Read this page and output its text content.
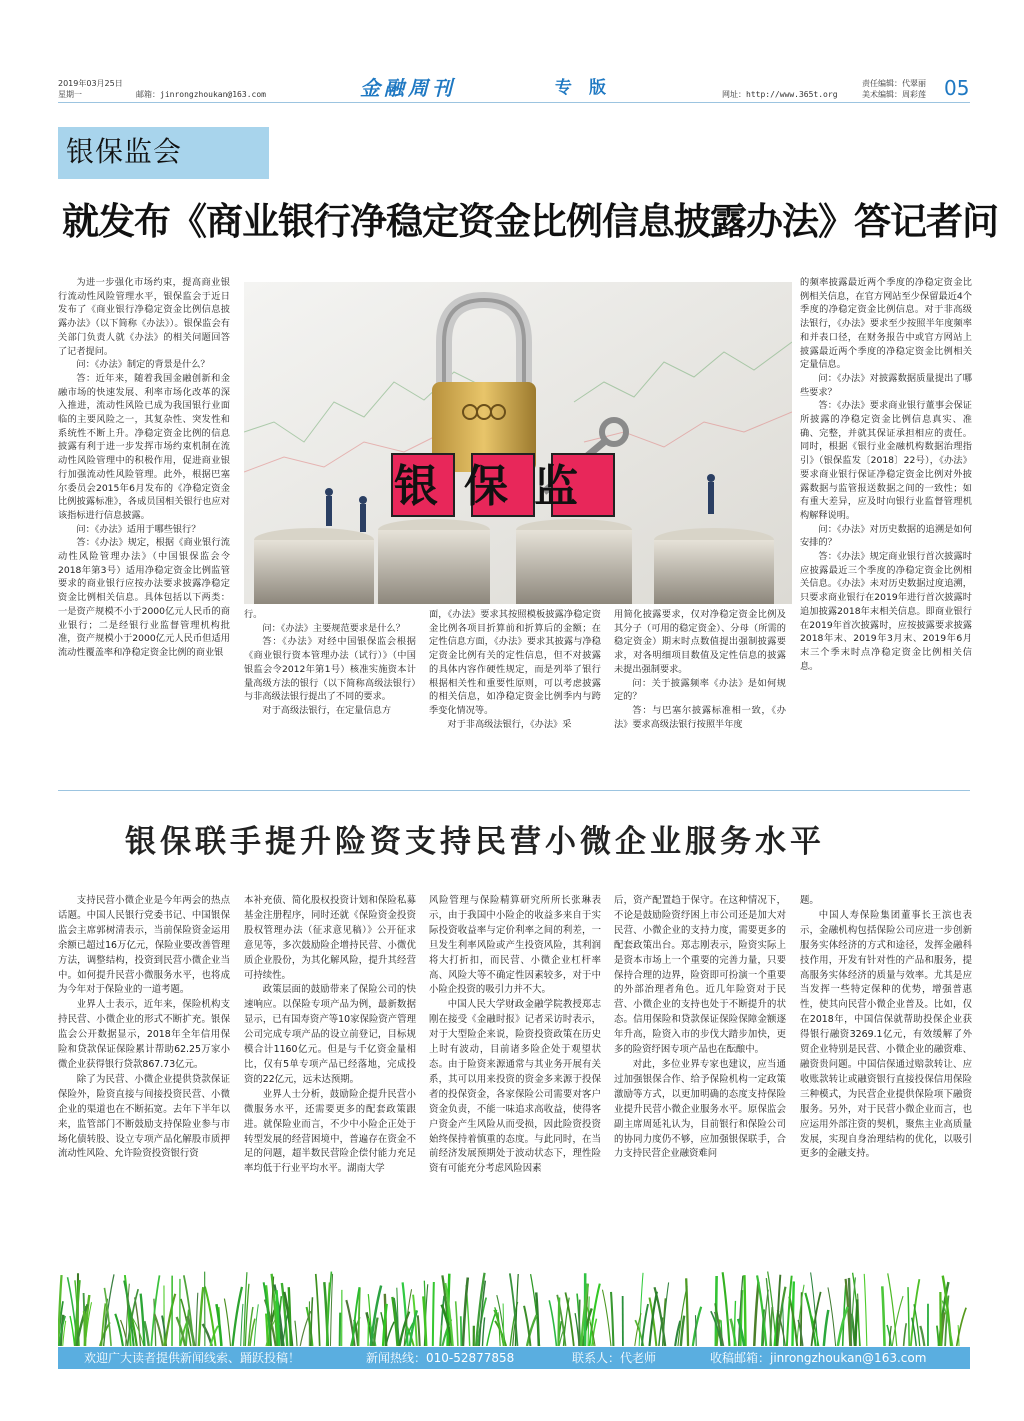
2019年03月25日
星期一	邮箱：jinrongzhoukan@163.com	金融周刊	专　版	网址：http://www.365t.org
责任编辑：代翠丽
美术编辑：周彩莲 05
银保监会
就发布《商业银行净稳定资金比例信息披露办法》答记者问
银保监

为进一步强化市场约束，提高商业银行流动性风险管理水平，银保监会于近日发布了《商业银行净稳定资金比例信息披露办法》（以下简称《办法》）。银保监会有关部门负责人就《办法》的相关问题回答了记者提问。

问：《办法》制定的背景是什么？

答：近年来，随着我国金融创新和金融市场的快速发展、利率市场化改革的深入推进，流动性风险已成为我国银行业面临的主要风险之一，其复杂性、突发性和系统性不断上升。净稳定资金比例的信息披露有利于进一步发挥市场约束机制在流动性风险管理中的积极作用，促进商业银行加强流动性风险管理。此外，根据巴塞尔委员会2015年6月发布的《净稳定资金比例披露标准》，各成员国相关银行也应对该指标进行信息披露。

问：《办法》适用于哪些银行？

答：《办法》规定，根据《商业银行流动性风险管理办法》（中国银保监会令2018年第3号）适用净稳定资金比例监管要求的商业银行应按办法要求披露净稳定资金比例相关信息。具体包括以下两类：一是资产规模不小于2000亿元人民币的商业银行；二是经银行业监督管理机构批准，资产规模小于2000亿元人民币但适用流动性覆盖率和净稳定资金比例的商业银

行。

问：《办法》主要规范要求是什么？

答：《办法》对经中国银保监会根据《商业银行资本管理办法（试行）》（中国银监会令2012年第1号）核准实施资本计量高级方法的银行（以下简称高级法银行）与非高级法银行提出了不同的要求。

对于高级法银行，在定量信息方

面，《办法》要求其按照模板披露净稳定资金比例各项目折算前和折算后的金额；在定性信息方面，《办法》要求其披露与净稳定资金比例有关的定性信息，但不对披露的具体内容作硬性规定，而是列举了银行根据相关性和重要性原则，可以考虑披露的相关信息，如净稳定资金比例季内与跨季变化情况等。

对于非高级法银行，《办法》采

用简化披露要求，仅对净稳定资金比例及其分子（可用的稳定资金）、分母（所需的稳定资金）期末时点数值提出强制披露要求，对各明细项目数值及定性信息的披露未提出强制要求。

问：关于披露频率《办法》是如何规定的？

答：与巴塞尔披露标准相一致，《办法》要求高级法银行按照半年度

的频率披露最近两个季度的净稳定资金比例相关信息，在官方网站至少保留最近4个季度的净稳定资金比例信息。对于非高级法银行，《办法》要求至少按照半年度频率和并表口径，在财务报告中或官方网站上披露最近两个季度的净稳定资金比例相关定量信息。

问：《办法》对披露数据质量提出了哪些要求？

答：《办法》要求商业银行董事会保证所披露的净稳定资金比例信息真实、准确、完整，并就其保证承担相应的责任。同时，根据《银行业金融机构数据治理指引》（银保监发〔2018〕22号），《办法》要求商业银行保证净稳定资金比例对外披露数据与监管报送数据之间的一致性；如有重大差异，应及时向银行业监督管理机构解释说明。

问：《办法》对历史数据的追溯是如何安排的？

答：《办法》规定商业银行首次披露时应披露最近三个季度的净稳定资金比例相关信息。《办法》未对历史数据过度追溯，只要求商业银行在2019年进行首次披露时追加披露2018年末相关信息。即商业银行在2019年首次披露时，应按披露要求披露2018年末、2019年3月末、2019年6月末三个季末时点净稳定资金比例相关信息。

银保联手提升险资支持民营小微企业服务水平

支持民营小微企业是今年两会的热点话题。中国人民银行党委书记、中国银保监会主席郭树清表示，当前保险资金运用余额已超过16万亿元，保险业要改善管理方法，调整结构，投资到民营小微企业当中。如何提升民营小微服务水平，也将成为今年对于保险业的一道考题。

业界人士表示，近年来，保险机构支持民营、小微企业的形式不断扩充。银保监会公开数据显示，2018年全年信用保险和贷款保证保险累计帮助62.25万家小微企业获得银行贷款867.73亿元。

除了为民营、小微企业提供贷款保证保险外，险资直接与间接投资民营、小微企业的渠道也在不断拓宽。去年下半年以来，监管部门不断鼓励支持保险业参与市场化债转股、设立专项产品化解股市质押流动性风险、允许险资投资银行资

本补充债、简化股权投资计划和保险私募基金注册程序，同时还就《保险资金投资股权管理办法（征求意见稿）》公开征求意见等，多次鼓励险企增持民营、小微优质企业股份，为其化解风险，提升其经营可持续性。

政策层面的鼓励带来了保险公司的快速响应。以保险专项产品为例，最新数据显示，已有国寿资产等10家保险资产管理公司完成专项产品的设立前登记，目标规模合计1160亿元。但是与千亿资金量相比，仅有5单专项产品已经落地，完成投资的22亿元，远未达预期。

业界人士分析，鼓励险企提升民营小微服务水平，还需要更多的配套政策跟进。就保险业而言，不少中小险企正处于转型发展的经营困境中，普遍存在资金不足的问题，超半数民营险企偿付能力充足率均低于行业平均水平。湖南大学

风险管理与保险精算研究所所长张琳表示，由于我国中小险企的收益多来自于实际投资收益率与定价利率之间的利差，一旦发生利率风险或产生投资风险，其利润将大打折扣，而民营、小微企业杠杆率高、风险大等不确定性因素较多，对于中小险企投资的吸引力并不大。

中国人民大学财政金融学院教授郑志刚在接受《金融时报》记者采访时表示，对于大型险企来说，险资投资政策在历史上时有波动，目前诸多险企处于观望状态。由于险资来源通常与其业务开展有关系，其可以用来投资的资金多来源于投保者的投保资金，各家保险公司需要对客户资金负责，不能一味追求高收益，使得客户资金产生风险从而受损，因此险资投资始终保持着慎重的态度。与此同时，在当前经济发展预期处于波动状态下，理性险资有可能充分考虑风险因素

后，资产配置趋于保守。在这种情况下，不论是鼓励险资纾困上市公司还是加大对民营、小微企业的支持力度，需要更多的配套政策出台。郑志刚表示，险资实际上是资本市场上一个重要的完善力量，只要保持合理的边界，险资即可扮演一个重要的外部治理者角色。近几年险资对于民营、小微企业的支持也处于不断提升的状态。信用保险和贷款保证保险保障金额逐年升高，险资入市的步伐大踏步加快，更多的险资纾困专项产品也在酝酿中。

对此，多位业界专家也建议，应当通过加强银保合作、给予保险机构一定政策激励等方式，以更加明确的态度支持保险业提升民营小微企业服务水平。原保监会副主席周延礼认为，目前银行和保险公司的协同力度仍不够，应加强银保联手，合力支持民营企业融资难问

题。

中国人寿保险集团董事长王滨也表示，金融机构包括保险公司应进一步创新服务实体经济的方式和途径，发挥金融科技作用，开发有针对性的产品和服务，提高服务实体经济的质量与效率。尤其是应当发挥一些特定保种的优势，增强普惠性，使其向民营小微企业普及。比如，仅在2018年，中国信保就帮助投保企业获得银行融资3269.1亿元，有效缓解了外贸企业特别是民营、小微企业的融资难、融资贵问题。中国信保通过赔款转让、应收账款转让或融资银行直接投保信用保险三种模式，为民营企业提供保险项下融资服务。另外，对于民营小微企业而言，也应运用外部注资的契机，聚焦主业高质量发展，实现自身治理结构的优化，以吸引更多的金融支持。

欢迎广大读者提供新闻线索、踊跃投稿！	新闻热线：010-52877858	联系人：代老师	收稿邮箱：jinrongzhoukan@163.com
